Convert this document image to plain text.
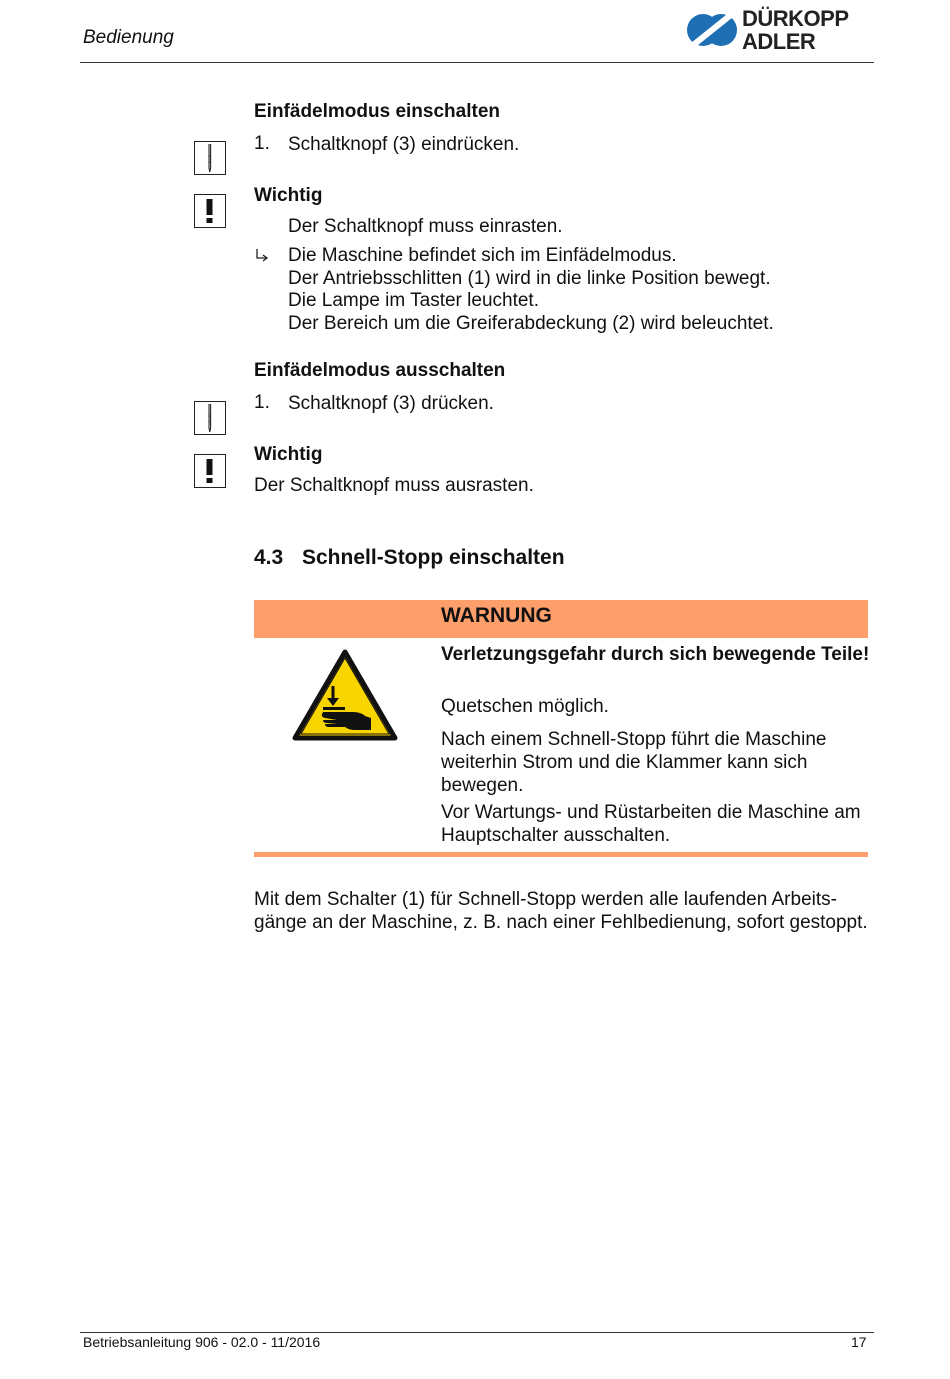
Bedienung
DÜRKOPP
ADLER
Einfädelmodus einschalten
1. Schaltknopf (3) eindrücken.
Wichtig
Der Schaltknopf muss einrasten.
Die Maschine befindet sich im Einfädelmodus.
Der Antriebsschlitten (1) wird in die linke Position bewegt.
Die Lampe im Taster leuchtet.
Der Bereich um die Greiferabdeckung (2) wird beleuchtet.
Einfädelmodus ausschalten
1. Schaltknopf (3) drücken.
Wichtig
Der Schaltknopf muss ausrasten.
4.3 Schnell-Stopp einschalten
WARNUNG
Verletzungsgefahr durch sich bewegende Teile!
Quetschen möglich.
Nach einem Schnell-Stopp führt die Maschine weiterhin Strom und die Klammer kann sich bewegen.
Vor Wartungs- und Rüstarbeiten die Maschine am Hauptschalter ausschalten.
Mit dem Schalter (1) für Schnell-Stopp werden alle laufenden Arbeits-gänge an der Maschine, z. B. nach einer Fehlbedienung, sofort gestoppt.
Betriebsanleitung 906 - 02.0 - 11/2016	17
